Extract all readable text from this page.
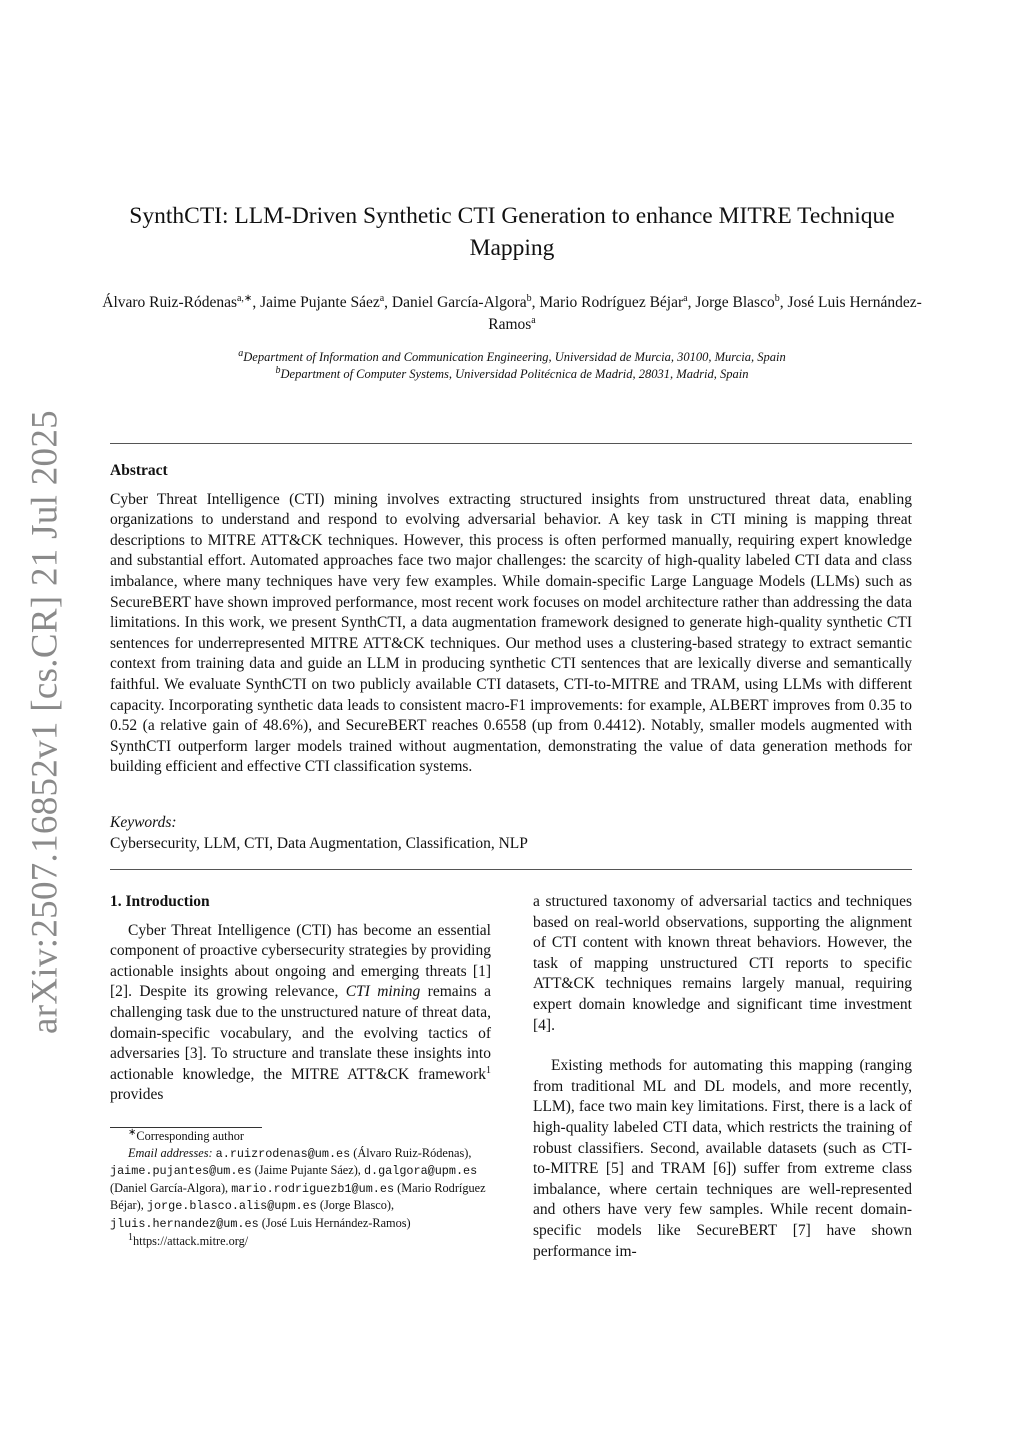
arXiv:2507.16852v1 [cs.CR] 21 Jul 2025
SynthCTI: LLM-Driven Synthetic CTI Generation to enhance MITRE Technique Mapping
Álvaro Ruiz-Ródenas$^{a,∗}$, Jaime Pujante Sáez$^a$, Daniel García-Algora$^b$, Mario Rodríguez Béjar$^a$, Jorge Blasco$^b$, José Luis Hernández-Ramos$^a$
$^a$Department of Information and Communication Engineering, Universidad de Murcia, 30100, Murcia, Spain
$^b$Department of Computer Systems, Universidad Politécnica de Madrid, 28031, Madrid, Spain
Abstract

Cyber Threat Intelligence (CTI) mining involves extracting structured insights from unstructured threat data, enabling organizations to understand and respond to evolving adversarial behavior. A key task in CTI mining is mapping threat descriptions to MITRE ATT&CK techniques. However, this process is often performed manually, requiring expert knowledge and substantial effort. Automated approaches face two major challenges: the scarcity of high-quality labeled CTI data and class imbalance, where many techniques have very few examples. While domain-specific Large Language Models (LLMs) such as SecureBERT have shown improved performance, most recent work focuses on model architecture rather than addressing the data limitations. In this work, we present SynthCTI, a data augmentation framework designed to generate high-quality synthetic CTI sentences for underrepresented MITRE ATT&CK techniques. Our method uses a clustering-based strategy to extract semantic context from training data and guide an LLM in producing synthetic CTI sentences that are lexically diverse and semantically faithful. We evaluate SynthCTI on two publicly available CTI datasets, CTI-to-MITRE and TRAM, using LLMs with different capacity. Incorporating synthetic data leads to consistent macro-F1 improvements: for example, ALBERT improves from 0.35 to 0.52 (a relative gain of 48.6%), and SecureBERT reaches 0.6558 (up from 0.4412). Notably, smaller models augmented with SynthCTI outperform larger models trained without augmentation, demonstrating the value of data generation methods for building efficient and effective CTI classification systems.

Keywords:
Cybersecurity, LLM, CTI, Data Augmentation, Classification, NLP
1. Introduction

Cyber Threat Intelligence (CTI) has become an essential component of proactive cybersecurity strategies by providing actionable insights about ongoing and emerging threats [1][2]. Despite its growing relevance, CTI mining remains a challenging task due to the unstructured nature of threat data, domain-specific vocabulary, and the evolving tactics of adversaries [3]. To structure and translate these insights into actionable knowledge, the MITRE ATT&CK framework$^1$ provides

∗Corresponding author
Email addresses: a.ruizrodenas@um.es (Álvaro Ruiz-Ródenas), jaime.pujantes@um.es (Jaime Pujante Sáez), d.galgora@upm.es (Daniel García-Algora), mario.rodriguezb1@um.es (Mario Rodríguez Béjar), jorge.blasco.alis@upm.es (Jorge Blasco), jluis.hernandez@um.es (José Luis Hernández-Ramos)
$^1$https://attack.mitre.org/

a structured taxonomy of adversarial tactics and techniques based on real-world observations, supporting the alignment of CTI content with known threat behaviors. However, the task of mapping unstructured CTI reports to specific ATT&CK techniques remains largely manual, requiring expert domain knowledge and significant time investment [4].

Existing methods for automating this mapping (ranging from traditional ML and DL models, and more recently, LLM), face two main key limitations. First, there is a lack of high-quality labeled CTI data, which restricts the training of robust classifiers. Second, available datasets (such as CTI-to-MITRE [5] and TRAM [6]) suffer from extreme class imbalance, where certain techniques are well-represented and others have very few samples. While recent domain-specific models like SecureBERT [7] have shown performance im-
